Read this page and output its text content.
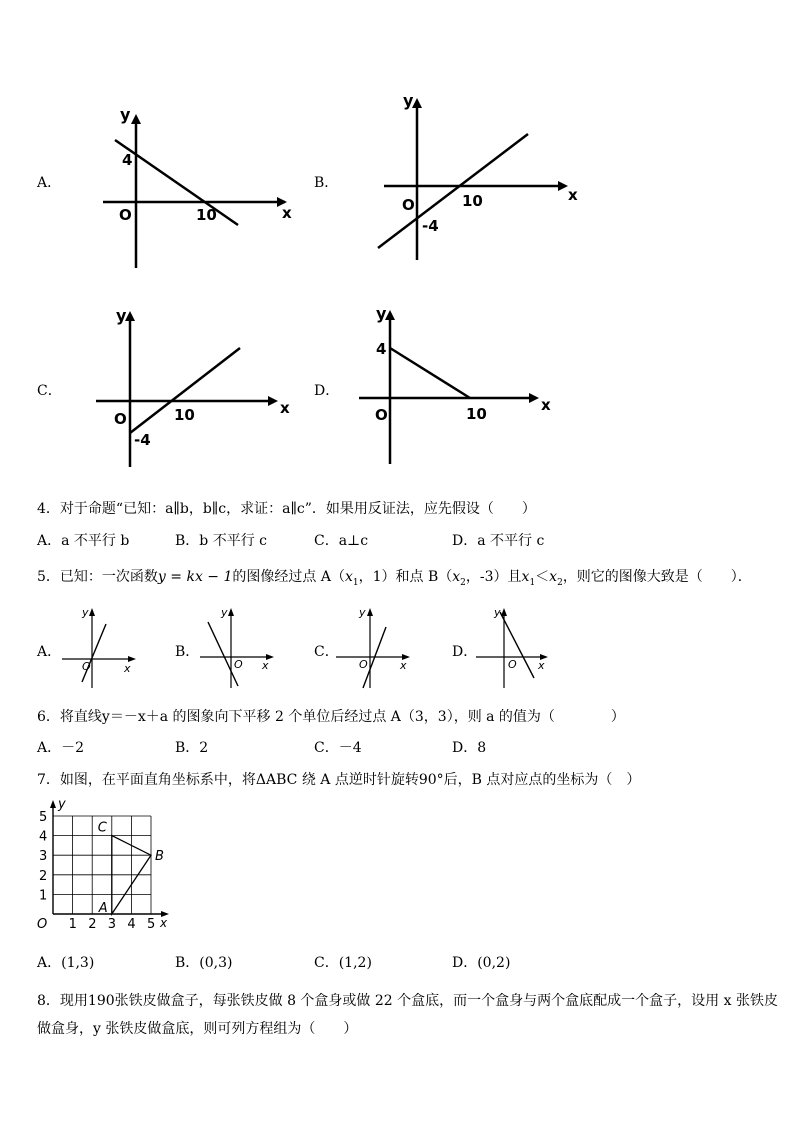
A．
y
x
O	10
4
B．
y
x
O	10
-4
C．
y
x
O	10
-4
D．
y
x
O	10
4
4．对于命题“已知：a∥b，b∥c，求证：a∥c”．如果用反证法，应先假设（　　）
A．a 不平行 b	B．b 不平行 c	C．a⊥c	D．a 不平行 c
5．已知：一次函数y = kx − 1的图像经过点 $A(x_1$，1）和点 $B(x_2$，-3）且$x_1<x_2$，则它的图像大致是（　　）．
A．
y
x
O
B．
y
x
O
C．
y
x
O
D．
y
x
O
6．将直线y＝－x＋a 的图象向下平移 2 个单位后经过点 A（3，3），则 a 的值为（　　　　）
A．－2	B．2	C．－4	D．8
7．如图，在平面直角坐标系中，将ΔABC 绕 A 点逆时针旋转90°后，B 点对应点的坐标为（　）
A
B
C
1 2 3 4 5
1
2
3
4
5
y
x
O
A．(1,3)	B．(0,3)	C．(1,2)	D．(0,2)
8．现用190张铁皮做盒子，每张铁皮做 8 个盒身或做 22 个盒底，而一个盒身与两个盒底配成一个盒子，设用 x 张铁皮
做盒身，y 张铁皮做盒底，则可列方程组为（　　）
